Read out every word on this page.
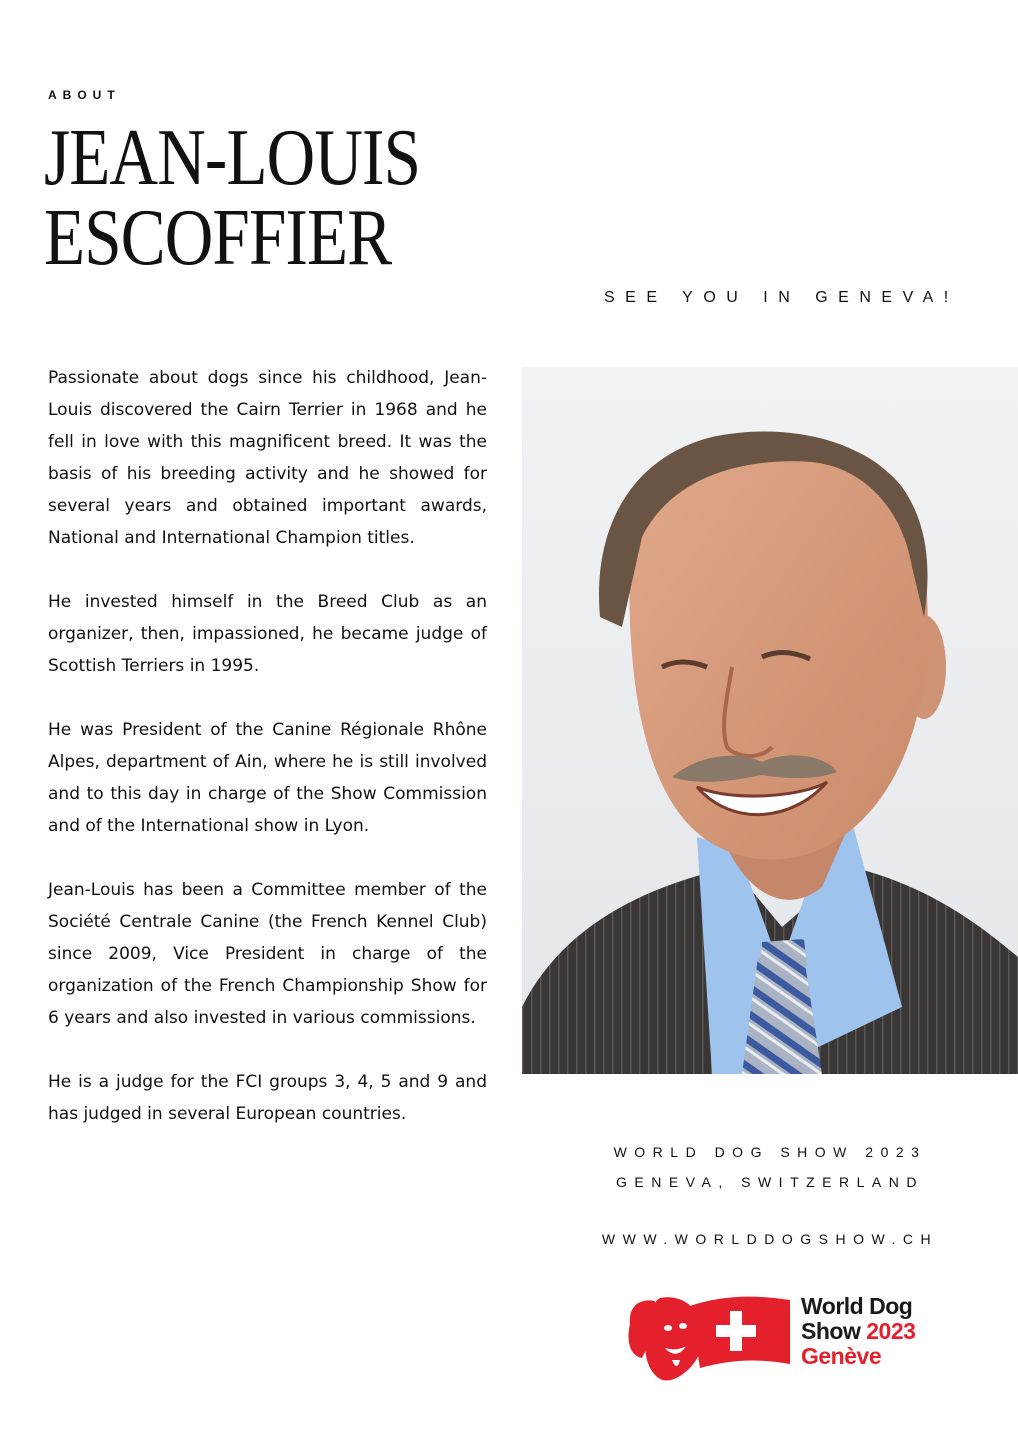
ABOUT
JEAN-LOUIS
ESCOFFIER
SEE YOU IN GENEVA!

Passionate about dogs since his childhood, Jean-Louis discovered the Cairn Terrier in 1968 and he fell in love with this magnificent breed. It was the basis of his breeding activity and he showed for several years and obtained important awards, National and International Champion titles.

He invested himself in the Breed Club as an organizer, then, impassioned, he became judge of Scottish Terriers in 1995.

He was President of the Canine Régionale Rhône Alpes, department of Ain, where he is still involved and to this day in charge of the Show Commission and of the International show in Lyon.

Jean-Louis has been a Committee member of the Société Centrale Canine (the French Kennel Club) since 2009, Vice President in charge of the organization of the French Championship Show for 6 years and also invested in various commissions.

He is a judge for the FCI groups 3, 4, 5 and 9 and has judged in several European countries.

WORLD DOG SHOW 2023
GENEVA, SWITZERLAND
WWW.WORLDDOGSHOW.CH
World Dog
Show 2023
Genève
